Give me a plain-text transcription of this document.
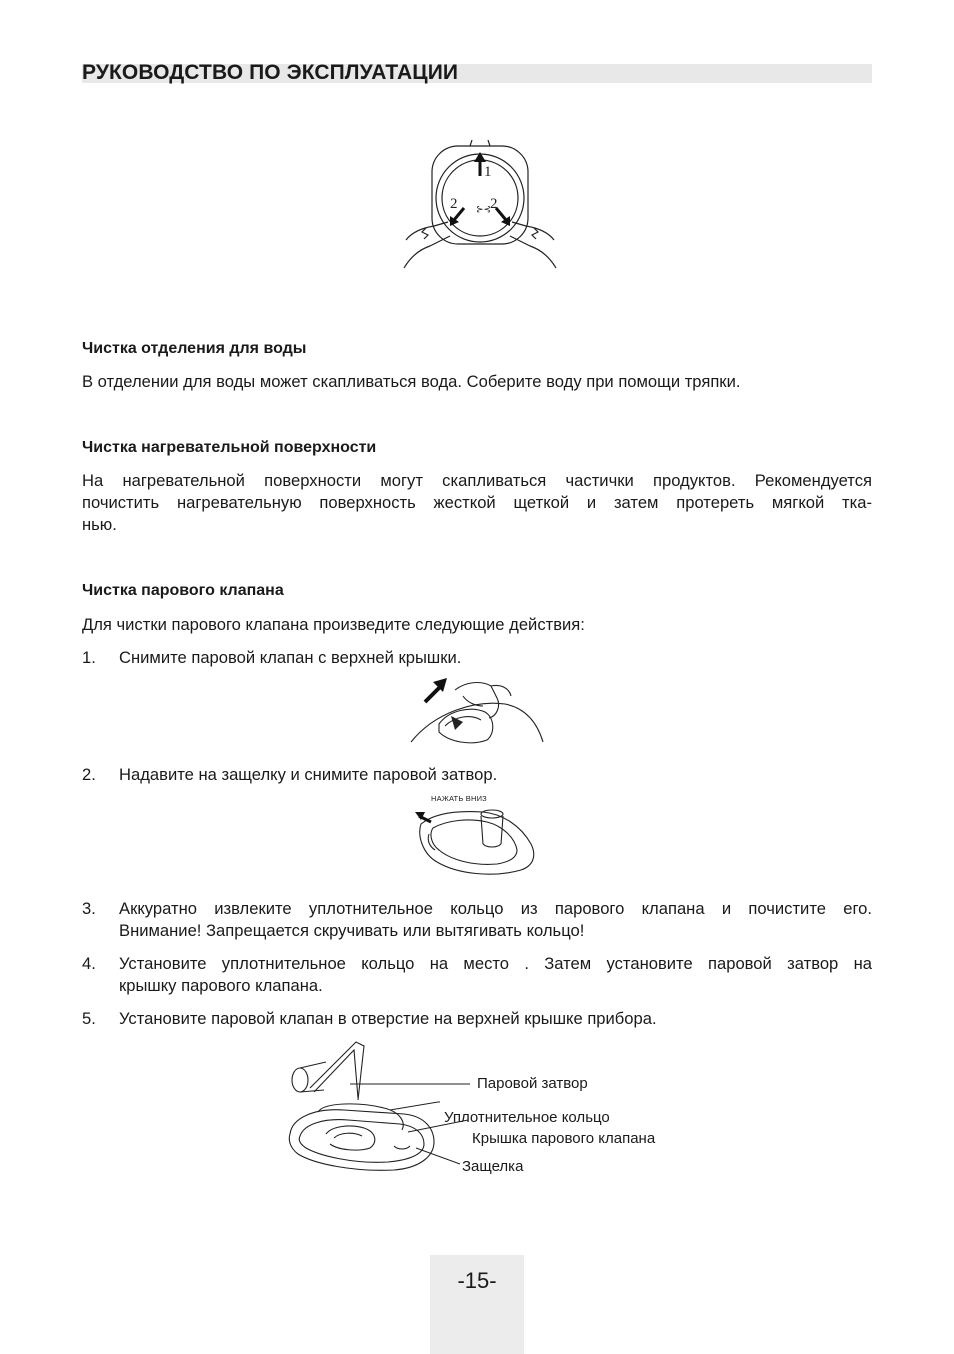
РУКОВОДСТВО ПО ЭКСПЛУАТАЦИИ
⊱⊰
1
2 2
Чистка отделения для воды
В отделении для воды может скапливаться вода. Соберите воду при помощи тряпки.
Чистка нагревательной поверхности
На нагревательной поверхности могут скапливаться частички продуктов. Рекомендуется
почистить нагревательную поверхность жесткой щеткой и затем протереть мягкой тка-
нью.
Чистка парового клапана
Для чистки парового клапана произведите следующие действия:
1.	Снимите паровой клапан с верхней крышки.
2.	Надавите на защелку и снимите паровой затвор.
НАЖАТЬ ВНИЗ
3.	Аккуратно извлеките уплотнительное кольцо из парового клапана и почистите его.
Внимание! Запрещается скручивать или вытягивать кольцо!
4.	Установите уплотнительное кольцо на место . Затем установите паровой затвор на
крышку парового клапана.
5.	Установите паровой клапан в отверстие на верхней крышке прибора.
Паровой затвор
Уплотнительное кольцо
Крышка парового клапана
Защелка
-15-
